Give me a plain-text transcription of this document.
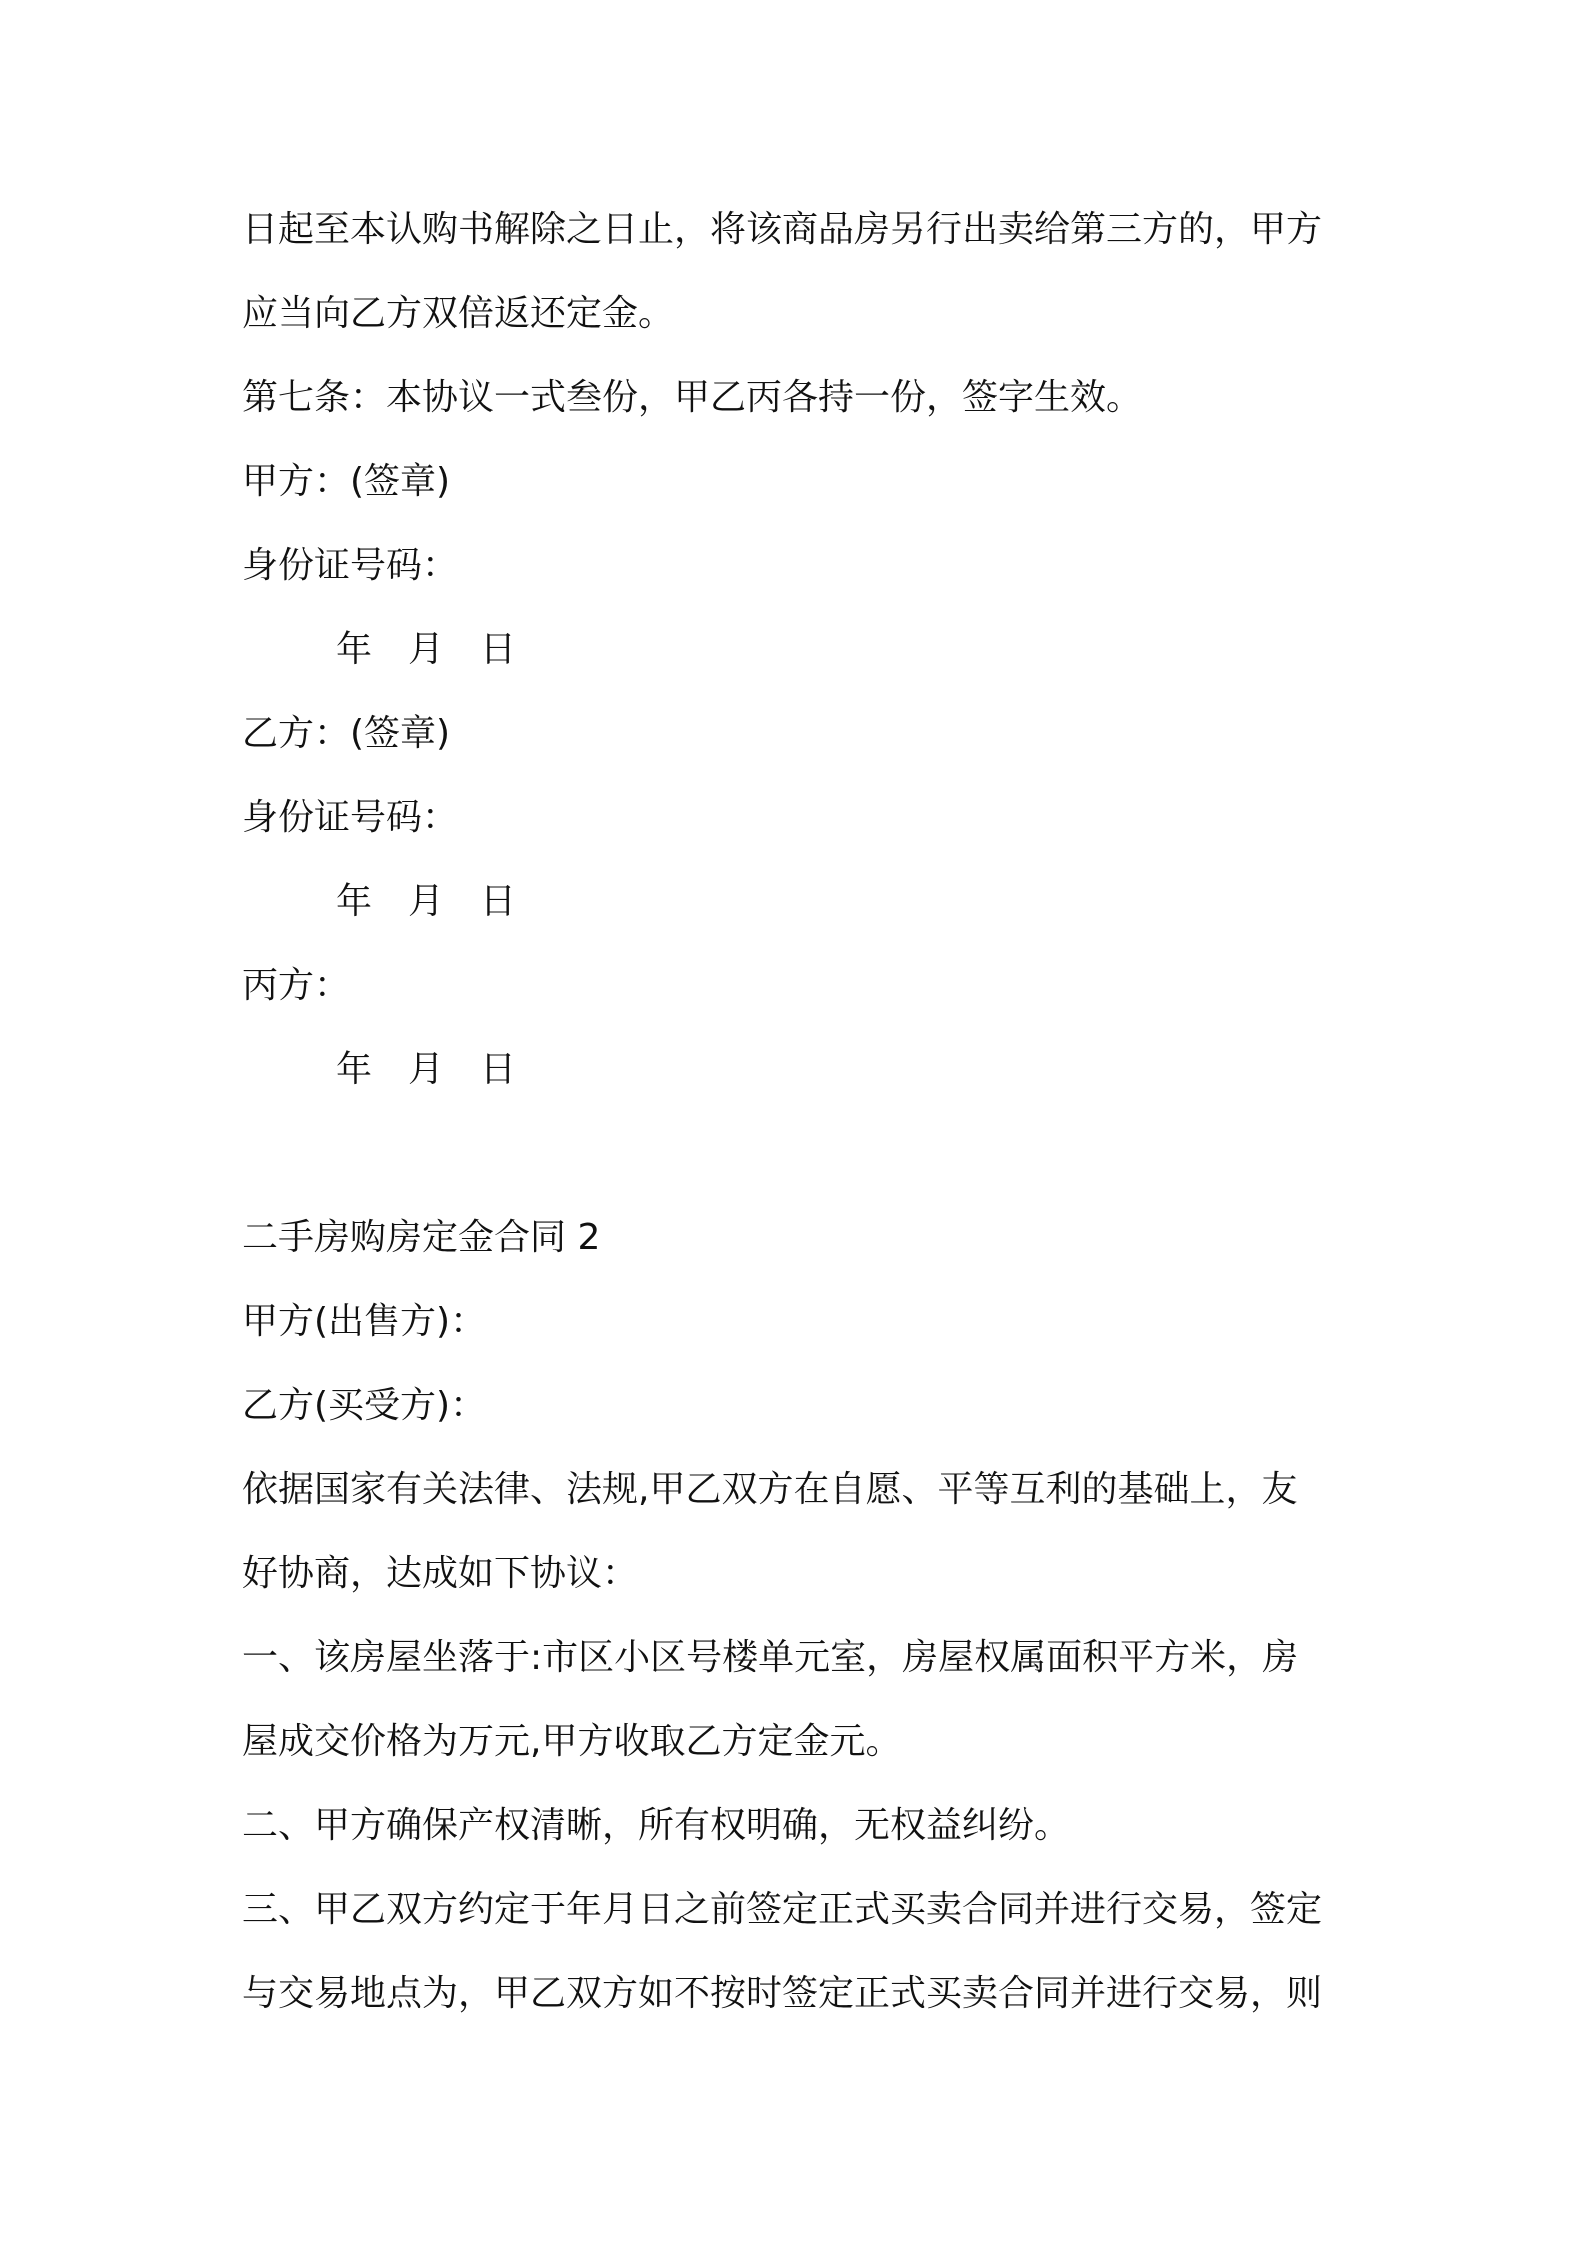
日起至本认购书解除之日止，将该商品房另行出卖给第三方的，甲方
应当向乙方双倍返还定金。
第七条：本协议一式叁份，甲乙丙各持一份，签字生效。
甲方：(签章)
身份证号码：
年 月 日
乙方：(签章)
身份证号码：
年 月 日
丙方：
年 月 日
二手房购房定金合同 2
甲方(出售方)：
乙方(买受方)：
依据国家有关法律、法规,甲乙双方在自愿、平等互利的基础上，友
好协商，达成如下协议：
一、该房屋坐落于:市区小区号楼单元室，房屋权属面积平方米，房
屋成交价格为万元,甲方收取乙方定金元。
二、甲方确保产权清晰，所有权明确，无权益纠纷。
三、甲乙双方约定于年月日之前签定正式买卖合同并进行交易，签定
与交易地点为，甲乙双方如不按时签定正式买卖合同并进行交易，则
